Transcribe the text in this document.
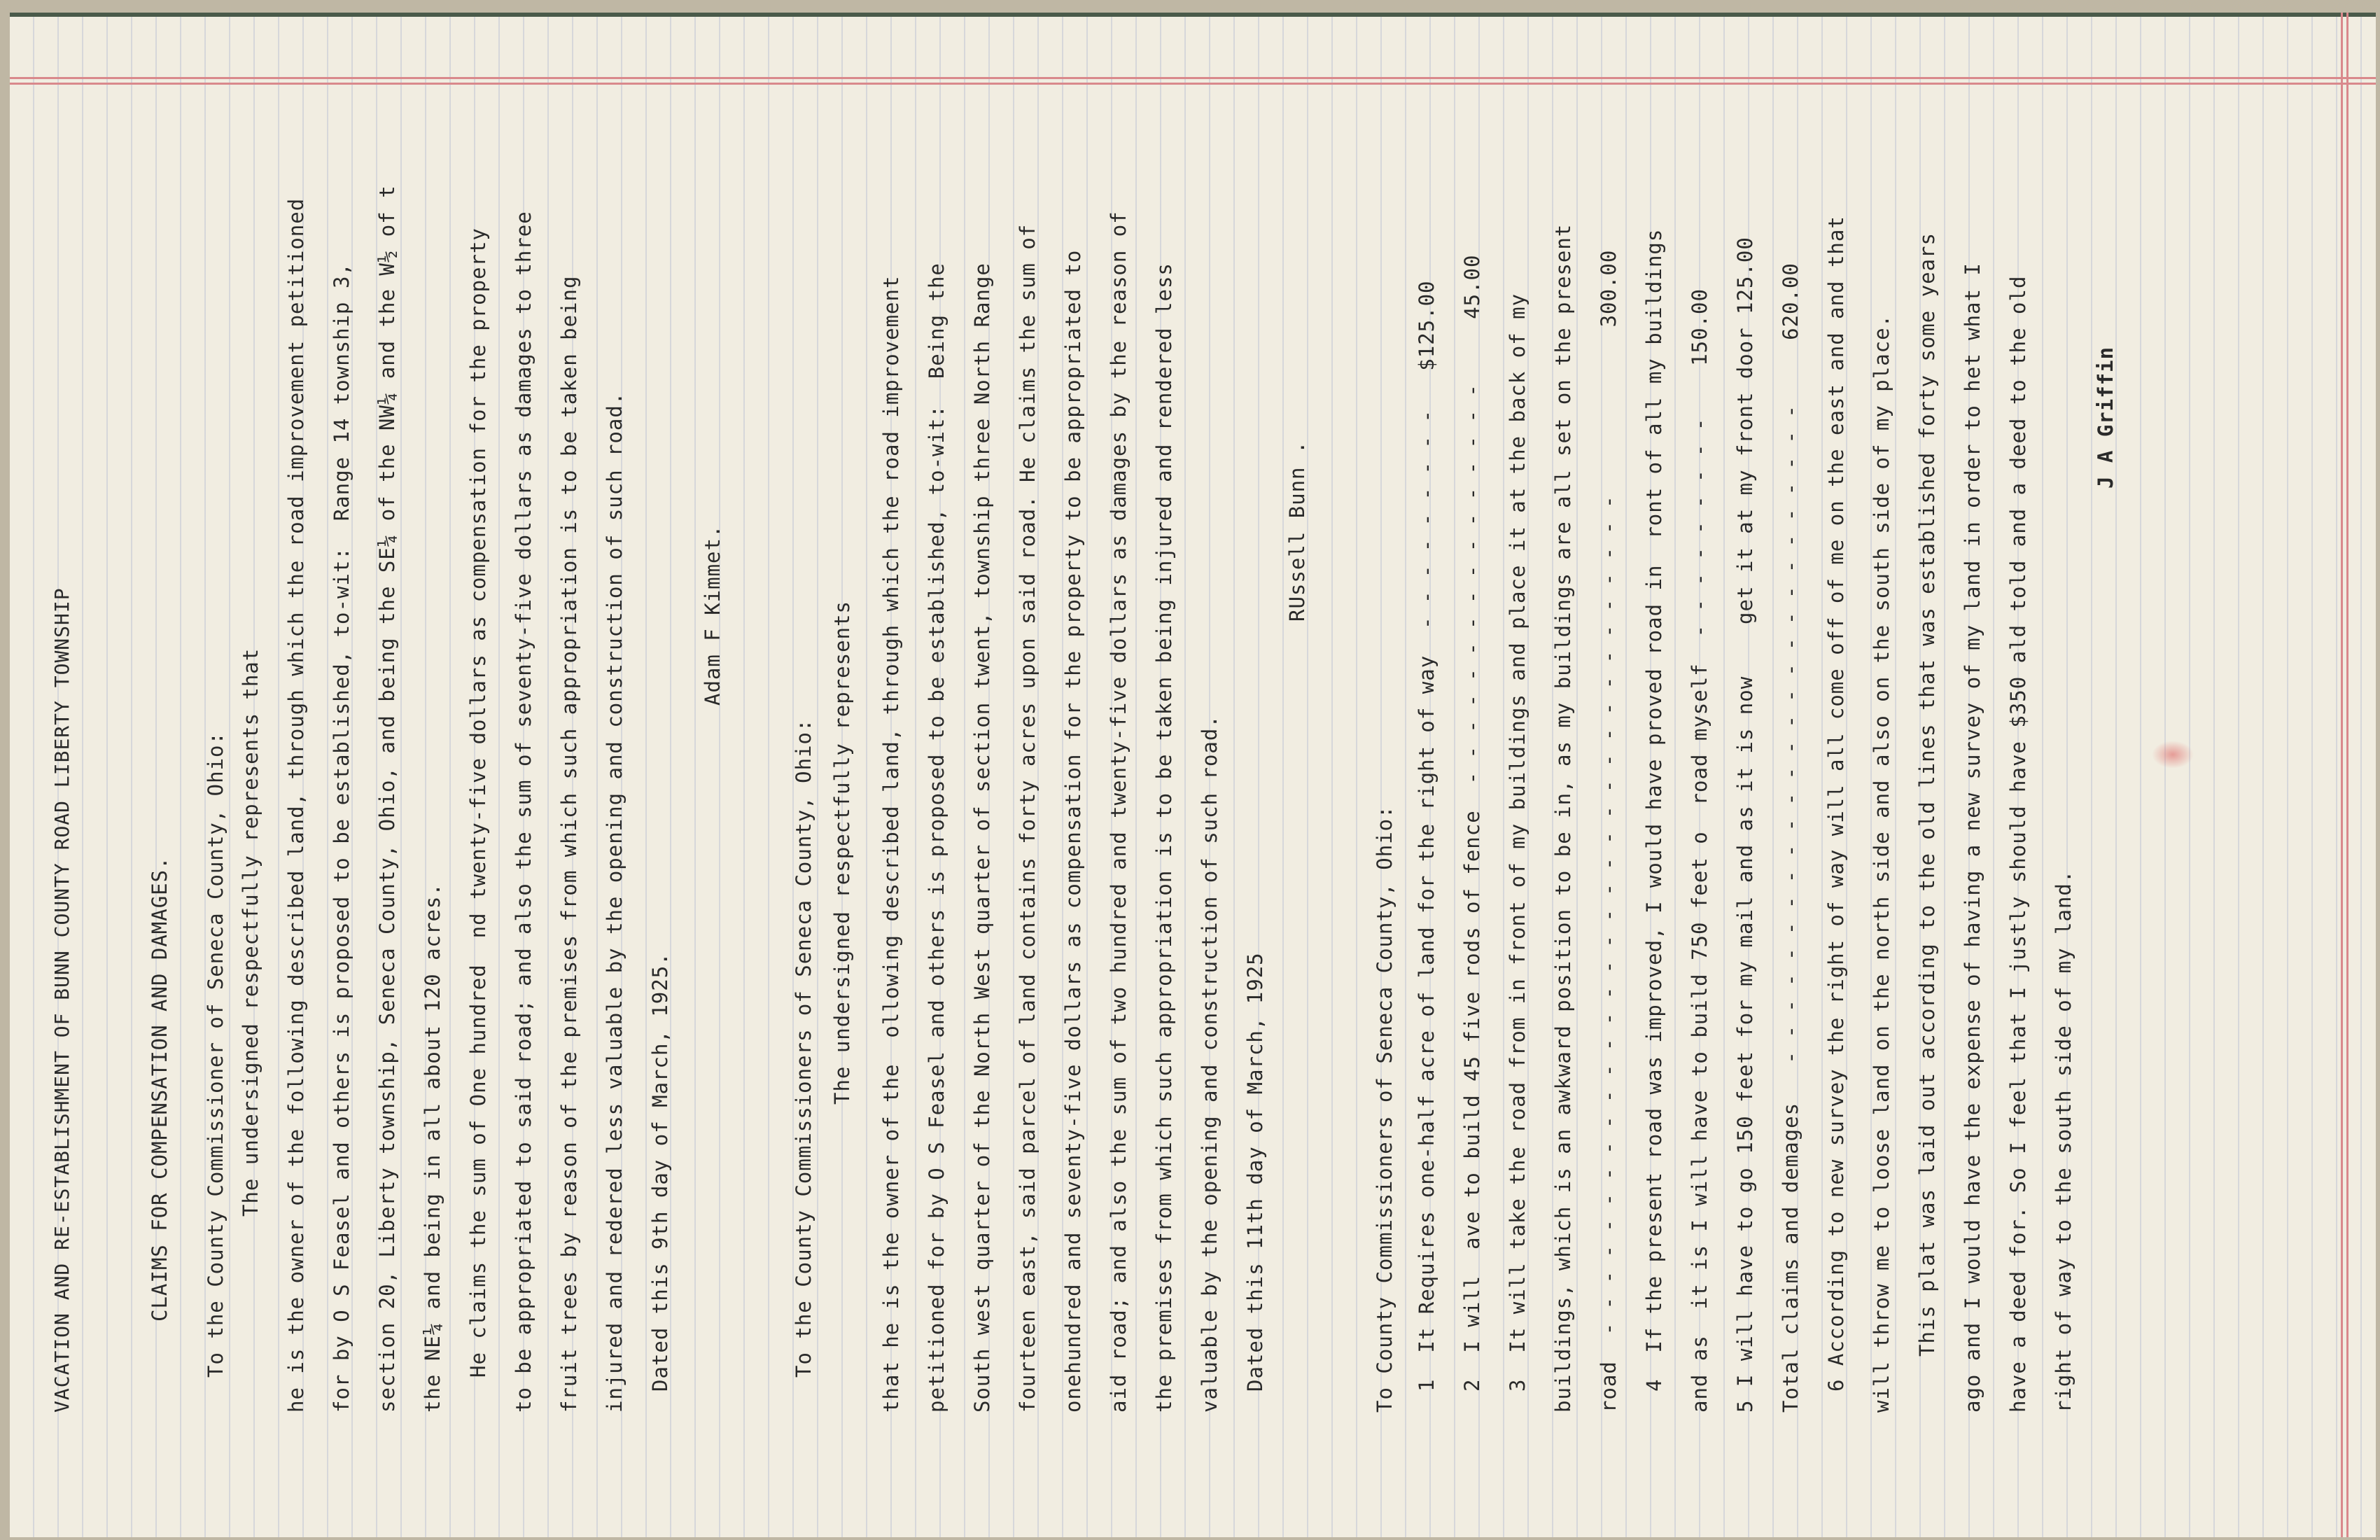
VACATION AND RE-ESTABLISHMENT OF BUNN COUNTY ROAD LIBERTY TOWNSHIP	CLAIMS FOR COMPENSATION AND DAMAGES. To the County Commissioner of Seneca County, Ohio: The undersigned respectfully represents that he is the owner of the following described land, through which the road improvement petitioned for by O S Feasel and others is proposed to be established, to-wit:  Range 14 township 3, section 20, Liberty township, Seneca County, Ohio, and being the SE¼ of the NW¼ and the W½ of t the NE¼ and being in all about 120 acres. He claims the sum of One hundred  nd twenty-five dollars as compensation for the property to be appropriated to said road; and also the sum of seventy-five dollars as damages to three fruit trees by reason of the premises from which such appropriation is to be taken being injured and redered less valuable by the opening and construction of such road. Dated this 9th day of March, 1925.
Adam F Kimmet.
To the County Commissioners of Seneca County, Ohio: The undersigned respectfully represents that he is the owner of the  ollowing described land, through which the road improvement petitioned for by O S Feasel and others is proposed to be established, to-wit:  Being the South west quarter of the North West quarter of section twent, township three North Range fourteen east, said parcel of land contains forty acres upon said road. He claims the sum of onehundred and seventy-five dollars as compensation for the property to be appropriated to aid road; and also the sum of two hundred and twenty-five dollars as damages by the reason of the premises from which such appropriation is to be taken being injured and rendered less valuable by the opening and construction of such road. Dated this 11th day of March, 1925
RUssell Bunn .
To County Commissioners of Seneca County, Ohio: 1  It Requires one-half acre of land for the right of way  - - - - - - - - -   $125.00 2  I will  ave to build 45 five rods of fence  - - - - - - - - - - - - - - - -     45.00 3  It will take the road from in front of my buildings and place it at the back of my buildings, which is an awkward position to be in, as my buildings are all set on the present road  - - - - - - - - - - - - - - - - - - - - - - - - - - - - - - - - -             300.00 4  If the present road was improved, I would have proved road in  ront of all my buildings and as  it is I will have to build 750 feet o  road myself  - - - - - - - - -    150.00 5 I will have to go 150 feet for my mail and as it is now    get it at my front door 125.00 Total claims and demages   - - - - - - - - - - - - - - - - - - - - - - - - - -     620.00 6 According to new survey the right of way will all come off of me on the east and and that will throw me to loose land on the north side and also on the south side of my place. This plat was laid out according to the old lines that was established forty some years ago and I would have the expense of having a new survey of my land in order to het what I have a deed for. So I feel that I justly should have $350 ald told and a deed to the old right of way to the south side of my land.
J A Griffin
